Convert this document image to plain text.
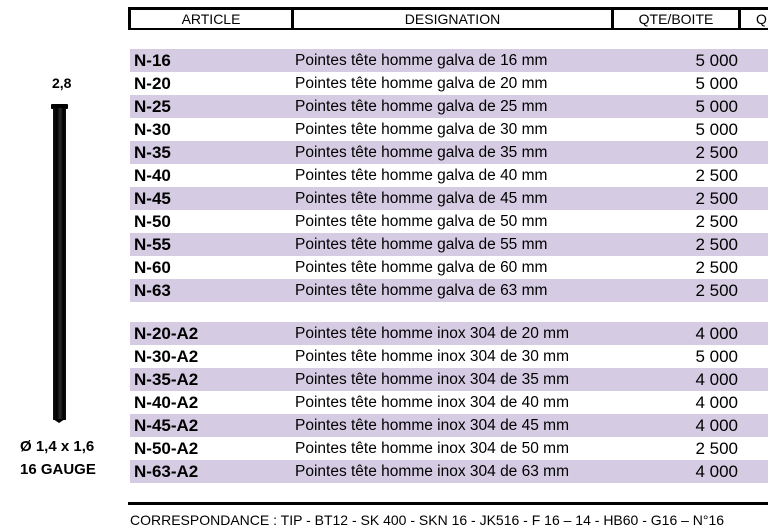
2,8
Ø 1,4 x 1,6
16 GAUGE
ARTICLE	DESIGNATION	QTE/BOITE	Q
N-16	Pointes tête homme galva de 16 mm	5 000
N-20	Pointes tête homme galva de 20 mm	5 000
N-25	Pointes tête homme galva de 25 mm	5 000
N-30	Pointes tête homme galva de 30 mm	5 000
N-35	Pointes tête homme galva de 35 mm	2 500
N-40	Pointes tête homme galva de 40 mm	2 500
N-45	Pointes tête homme galva de 45 mm	2 500
N-50	Pointes tête homme galva de 50 mm	2 500
N-55	Pointes tête homme galva de 55 mm	2 500
N-60	Pointes tête homme galva de 60 mm	2 500
N-63	Pointes tête homme galva de 63 mm	2 500
N-20-A2	Pointes tête homme inox 304 de 20 mm	4 000
N-30-A2	Pointes tête homme inox 304 de 30 mm	5 000
N-35-A2	Pointes tête homme inox 304 de 35 mm	4 000
N-40-A2	Pointes tête homme inox 304 de 40 mm	4 000
N-45-A2	Pointes tête homme inox 304 de 45 mm	4 000
N-50-A2	Pointes tête homme inox 304 de 50 mm	2 500
N-63-A2	Pointes tête homme inox 304 de 63 mm	4 000
CORRESPONDANCE : TIP - BT12 - SK 400 - SKN 16 - JK516 - F 16 – 14 - HB60 - G16 – N°16
